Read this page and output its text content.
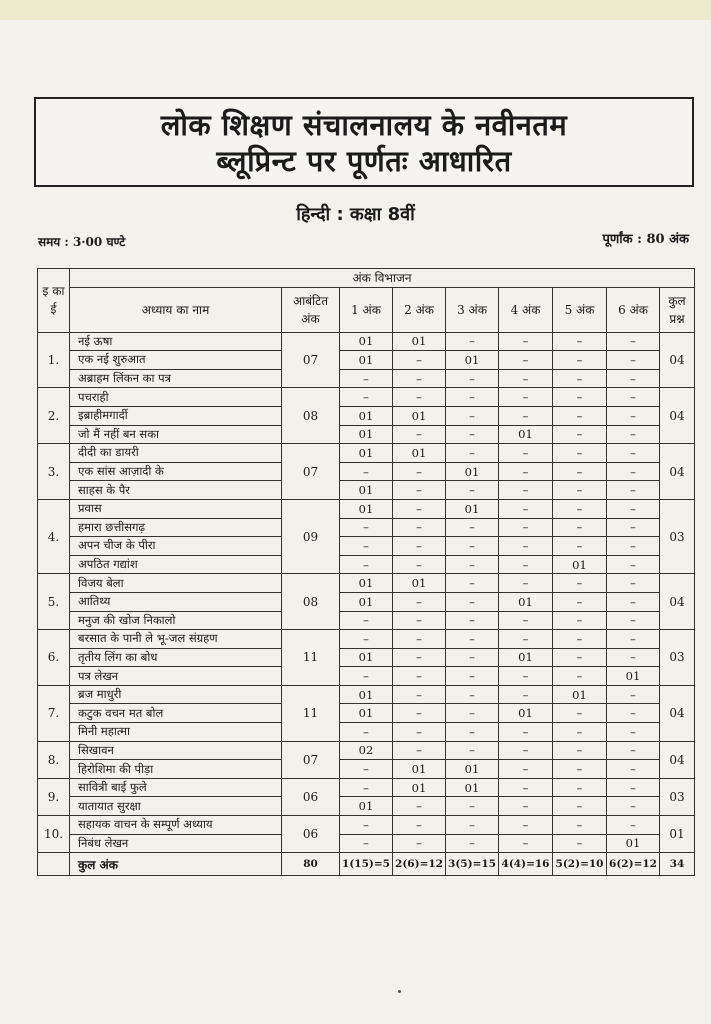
लोक शिक्षण संचालनालय के नवीनतम
ब्लूप्रिन्ट पर पूर्णतः आधारित
हिन्दी : कक्षा 8वीं
समय : 3·00 घण्टे	पूर्णांक : 80 अंक
इ का ई	अंक विभाजन								
	अध्याय का नाम	आबंटित अंक	1 अंक	2 अंक	3 अंक	4 अंक	5 अंक	6 अंक	कुल प्रश्न
1.	नई ऊषा	07	01	01	–	–	–	–	04
	एक नई शुरुआत		01	–	01	–	–	–	
	अब्राहम लिंकन का पत्र		–	–	–	–	–	–	
2.	पचराही	08	–	–	–	–	–	–	04
	इब्राहीमगार्दी		01	01	–	–	–	–	
	जो मैं नहीं बन सका		01	–	–	01	–	–	
3.	दीदी का डायरी	07	01	01	–	–	–	–	04
	एक सांस आज़ादी के		–	–	01	–	–	–	
	साहस के पैर		01	–	–	–	–	–	
4.	प्रवास	09	01	–	01	–	–	–	03
	हमारा छत्तीसगढ़		–	–	–	–	–	–	
	अपन चीज के पीरा		–	–	–	–	–	–	
	अपठित गद्यांश		–	–	–	–	01	–	
5.	विजय बेला	08	01	01	–	–	–	–	04
	आतिथ्य		01	–	–	01	–	–	
	मनुज की खोज निकालो		–	–	–	–	–	–	
6.	बरसात के पानी ले भू-जल संग्रहण	11	–	–	–	–	–	–	03
	तृतीय लिंग का बोध		01	–	–	01	–	–	
	पत्र लेखन		–	–	–	–	–	01	
7.	ब्रज माधुरी	11	01	–	–	–	01	–	04
	कटुक वचन मत बोल		01	–	–	01	–	–	
	मिनी महात्मा		–	–	–	–	–	–	
8.	सिखावन	07	02	–	–	–	–	–	04
	हिरोशिमा की पीड़ा		–	01	01	–	–	–	
9.	सावित्री बाई फुले	06	–	01	01	–	–	–	03
	यातायात सुरक्षा		01	–	–	–	–	–	
10.	सहायक वाचन के सम्पूर्ण अध्याय	06	–	–	–	–	–	–	01
	निबंध लेखन		–	–	–	–	–	01	
	कुल अंक	80	1(15)=5	2(6)=12	3(5)=15	4(4)=16	5(2)=10	6(2)=12	34
